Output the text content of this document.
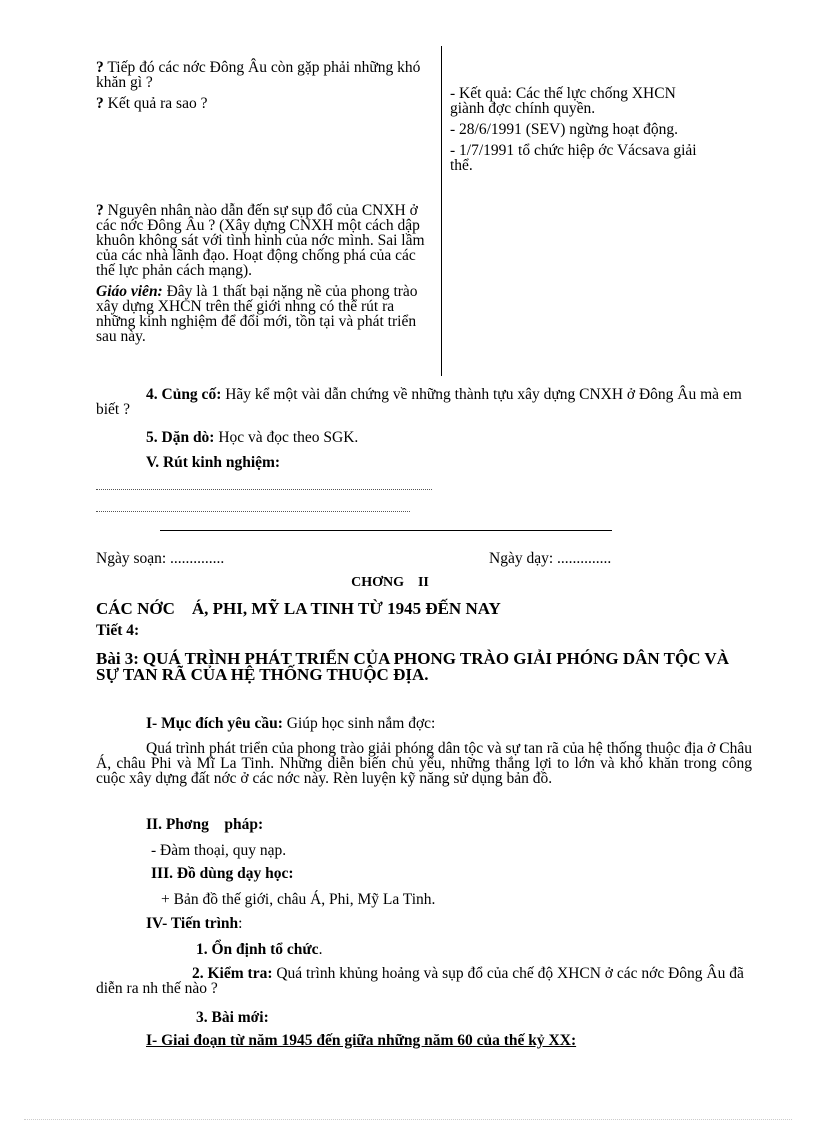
? Tiếp đó các nớc Đông Âu còn gặp phải những khó khăn gì ?

? Kết quả ra sao ?

? Nguyên nhân nào dẫn đến sự sụp đổ của CNXH ở các nớc Đông Âu ? (Xây dựng CNXH một cách dập khuôn không sát với tình hình của nớc mình. Sai lầm của các nhà lãnh đạo. Hoạt động chống phá của các thế lực phản cách mạng).

Giáo viên: Đây là 1 thất bại nặng nề của phong trào xây dựng XHCN trên thế giới nhng có thể rút ra những kinh nghiệm để đổi mới, tồn tại và phát triển sau này.

- Kết quả: Các thế lực chống XHCN giành đợc chính quyền.

- 28/6/1991 (SEV) ngừng hoạt động.

- 1/7/1991 tổ chức hiệp ớc Vácsava giải thể.

4. Củng cố: Hãy kể một vài dẫn chứng về những thành tựu xây dựng CNXH ở Đông Âu mà em biết ?
5. Dặn dò: Học và đọc theo SGK.
V. Rút kinh nghiệm:
Ngày soạn: ..............	Ngày dạy: ..............
CHƠNG    II
CÁC NỚC    Á, PHI, MỸ LA TINH TỪ 1945 ĐẾN NAY
Tiết 4:
Bài 3: QUÁ TRÌNH PHÁT TRIỂN CỦA PHONG TRÀO GIẢI PHÓNG DÂN TỘC VÀ SỰ TAN RÃ CỦA HỆ THỐNG THUỘC ĐỊA.
I- Mục đích yêu cầu: Giúp học sinh nắm đợc:
Quá trình phát triển của phong trào giải phóng dân tộc và sự tan rã của hệ thống thuộc địa ở Châu Á, châu Phi và Mĩ La Tinh. Những diễn biến chủ yếu, những thắng lợi to lớn và khó khăn trong công cuộc xây dựng đất nớc ở các nớc này. Rèn luyện kỹ năng sử dụng bản đồ.
II. Phơng    pháp:
- Đàm thoại, quy nạp.
III. Đồ dùng dạy học:
+ Bản đồ thế giới, châu Á, Phi, Mỹ La Tinh.
IV- Tiến trình:
1. Ổn định tổ chức.
2. Kiểm tra: Quá trình khủng hoảng và sụp đổ của chế độ XHCN ở các nớc Đông Âu đã diễn ra nh thế nào ?
3. Bài mới:
I- Giai đoạn từ năm 1945 đến giữa những năm 60 của thế kỷ XX:
